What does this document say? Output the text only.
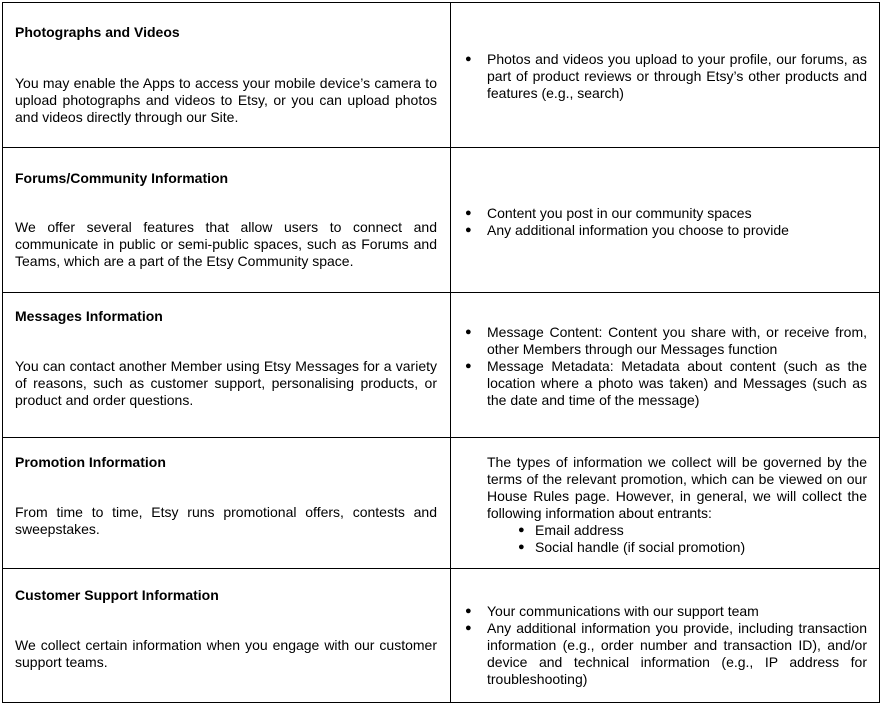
Photographs and Videos
You may enable the Apps to access your mobile device’s camera to upload photographs and videos to Etsy, or you can upload photos and videos directly through our Site.
● Photos and videos you upload to your profile, our forums, as part of product reviews or through Etsy’s other products and features (e.g., search)
Forums/Community Information
We offer several features that allow users to connect and communicate in public or semi-public spaces, such as Forums and Teams, which are a part of the Etsy Community space.
● Content you post in our community spaces
● Any additional information you choose to provide
Messages Information
You can contact another Member using Etsy Messages for a variety of reasons, such as customer support, personalising products, or product and order questions.
● Message Content: Content you share with, or receive from, other Members through our Messages function
● Message Metadata: Metadata about content (such as the location where a photo was taken) and Messages (such as the date and time of the message)
Promotion Information
From time to time, Etsy runs promotional offers, contests and sweepstakes.
The types of information we collect will be governed by the terms of the relevant promotion, which can be viewed on our House Rules page. However, in general, we will collect the following information about entrants:
● Email address
● Social handle (if social promotion)
Customer Support Information
We collect certain information when you engage with our customer support teams.
● Your communications with our support team
● Any additional information you provide, including transaction information (e.g., order number and transaction ID), and/or device and technical information (e.g., IP address for troubleshooting)
